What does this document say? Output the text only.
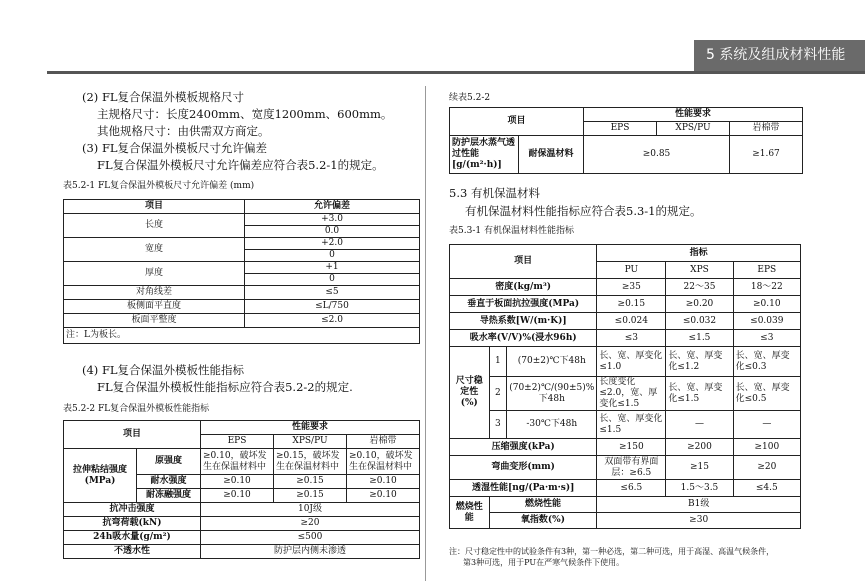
5 系统及组成材料性能
(2) FL复合保温外模板规格尺寸
主规格尺寸：长度2400mm、宽度1200mm、600mm。
其他规格尺寸：由供需双方商定。
(3) FL复合保温外模板尺寸允许偏差
FL复合保温外模板尺寸允许偏差应符合表5.2-1的规定。
表5.2-1 FL复合保温外模板尺寸允许偏差 (mm)
项目	允许偏差
长度	+3.0
	0.0
宽度	+2.0
	0
厚度	+1
	0
对角线差	≤5
板侧面平直度	≤L/750
板面平整度	≤2.0
注：L为板长。	
(4) FL复合保温外模板性能指标
FL复合保温外模板性能指标应符合表5.2-2的规定.
表5.2-2 FL复合保温外模板性能指标
项目		性能要求		
		EPS	XPS/PU	岩棉带
拉伸粘结强度
(MPa)	原强度	≥0.10，破坏发生在保温材料中	≥0.15，破坏发生在保温材料中	≥0.10，破坏发生在保温材料中
	耐水强度	≥0.10	≥0.15	≥0.10
	耐冻融强度	≥0.10	≥0.15	≥0.10
抗冲击强度		10J级		
抗弯荷载(kN)		≥20		
24h吸水量(g/m²)		≤500		
不透水性		防护层内侧未渗透		
续表5.2-2
项目		性能要求		
		EPS	XPS/PU	岩棉带
防护层水蒸气透过性能
[g/(m²·h)]	耐保温材料	≥0.85		≥1.67
5.3 有机保温材料
有机保温材料性能指标应符合表5.3-1的规定。
表5.3-1 有机保温材料性能指标
项目			指标		
			PU	XPS	EPS
密度(kg/m³)			≥35	22～35	18～22
垂直于板面抗拉强度(MPa)			≥0.15	≥0.20	≥0.10
导热系数[W/(m·K)]			≤0.024	≤0.032	≤0.039
吸水率(V/V)%(浸水96h)			≤3	≤1.5	≤3
尺寸稳定性(%)	1	(70±2)℃下48h	长、宽、厚变化≤1.0	长、宽、厚变化≤1.2	长、宽、厚变化≤0.3
	2	(70±2)℃/(90±5)%下48h	长度变化≤2.0，宽、厚变化≤1.5	长、宽、厚变化≤1.5	长、宽、厚变化≤0.5
	3	-30℃下48h	长、宽、厚变化≤1.5	—	—
压缩强度(kPa)			≥150	≥200	≥100
弯曲变形(mm)			双面带有界面层：≥6.5	≥15	≥20
透湿性能[ng/(Pa·m·s)]			≤6.5	1.5～3.5	≤4.5
燃烧性能	燃烧性能		B1级		
	氧指数(%)		≥30		
注：尺寸稳定性中的试验条件有3种，第一种必选，第二种可选，用于高湿、高温气候条件，
第3种可选，用于PU在严寒气候条件下使用。
